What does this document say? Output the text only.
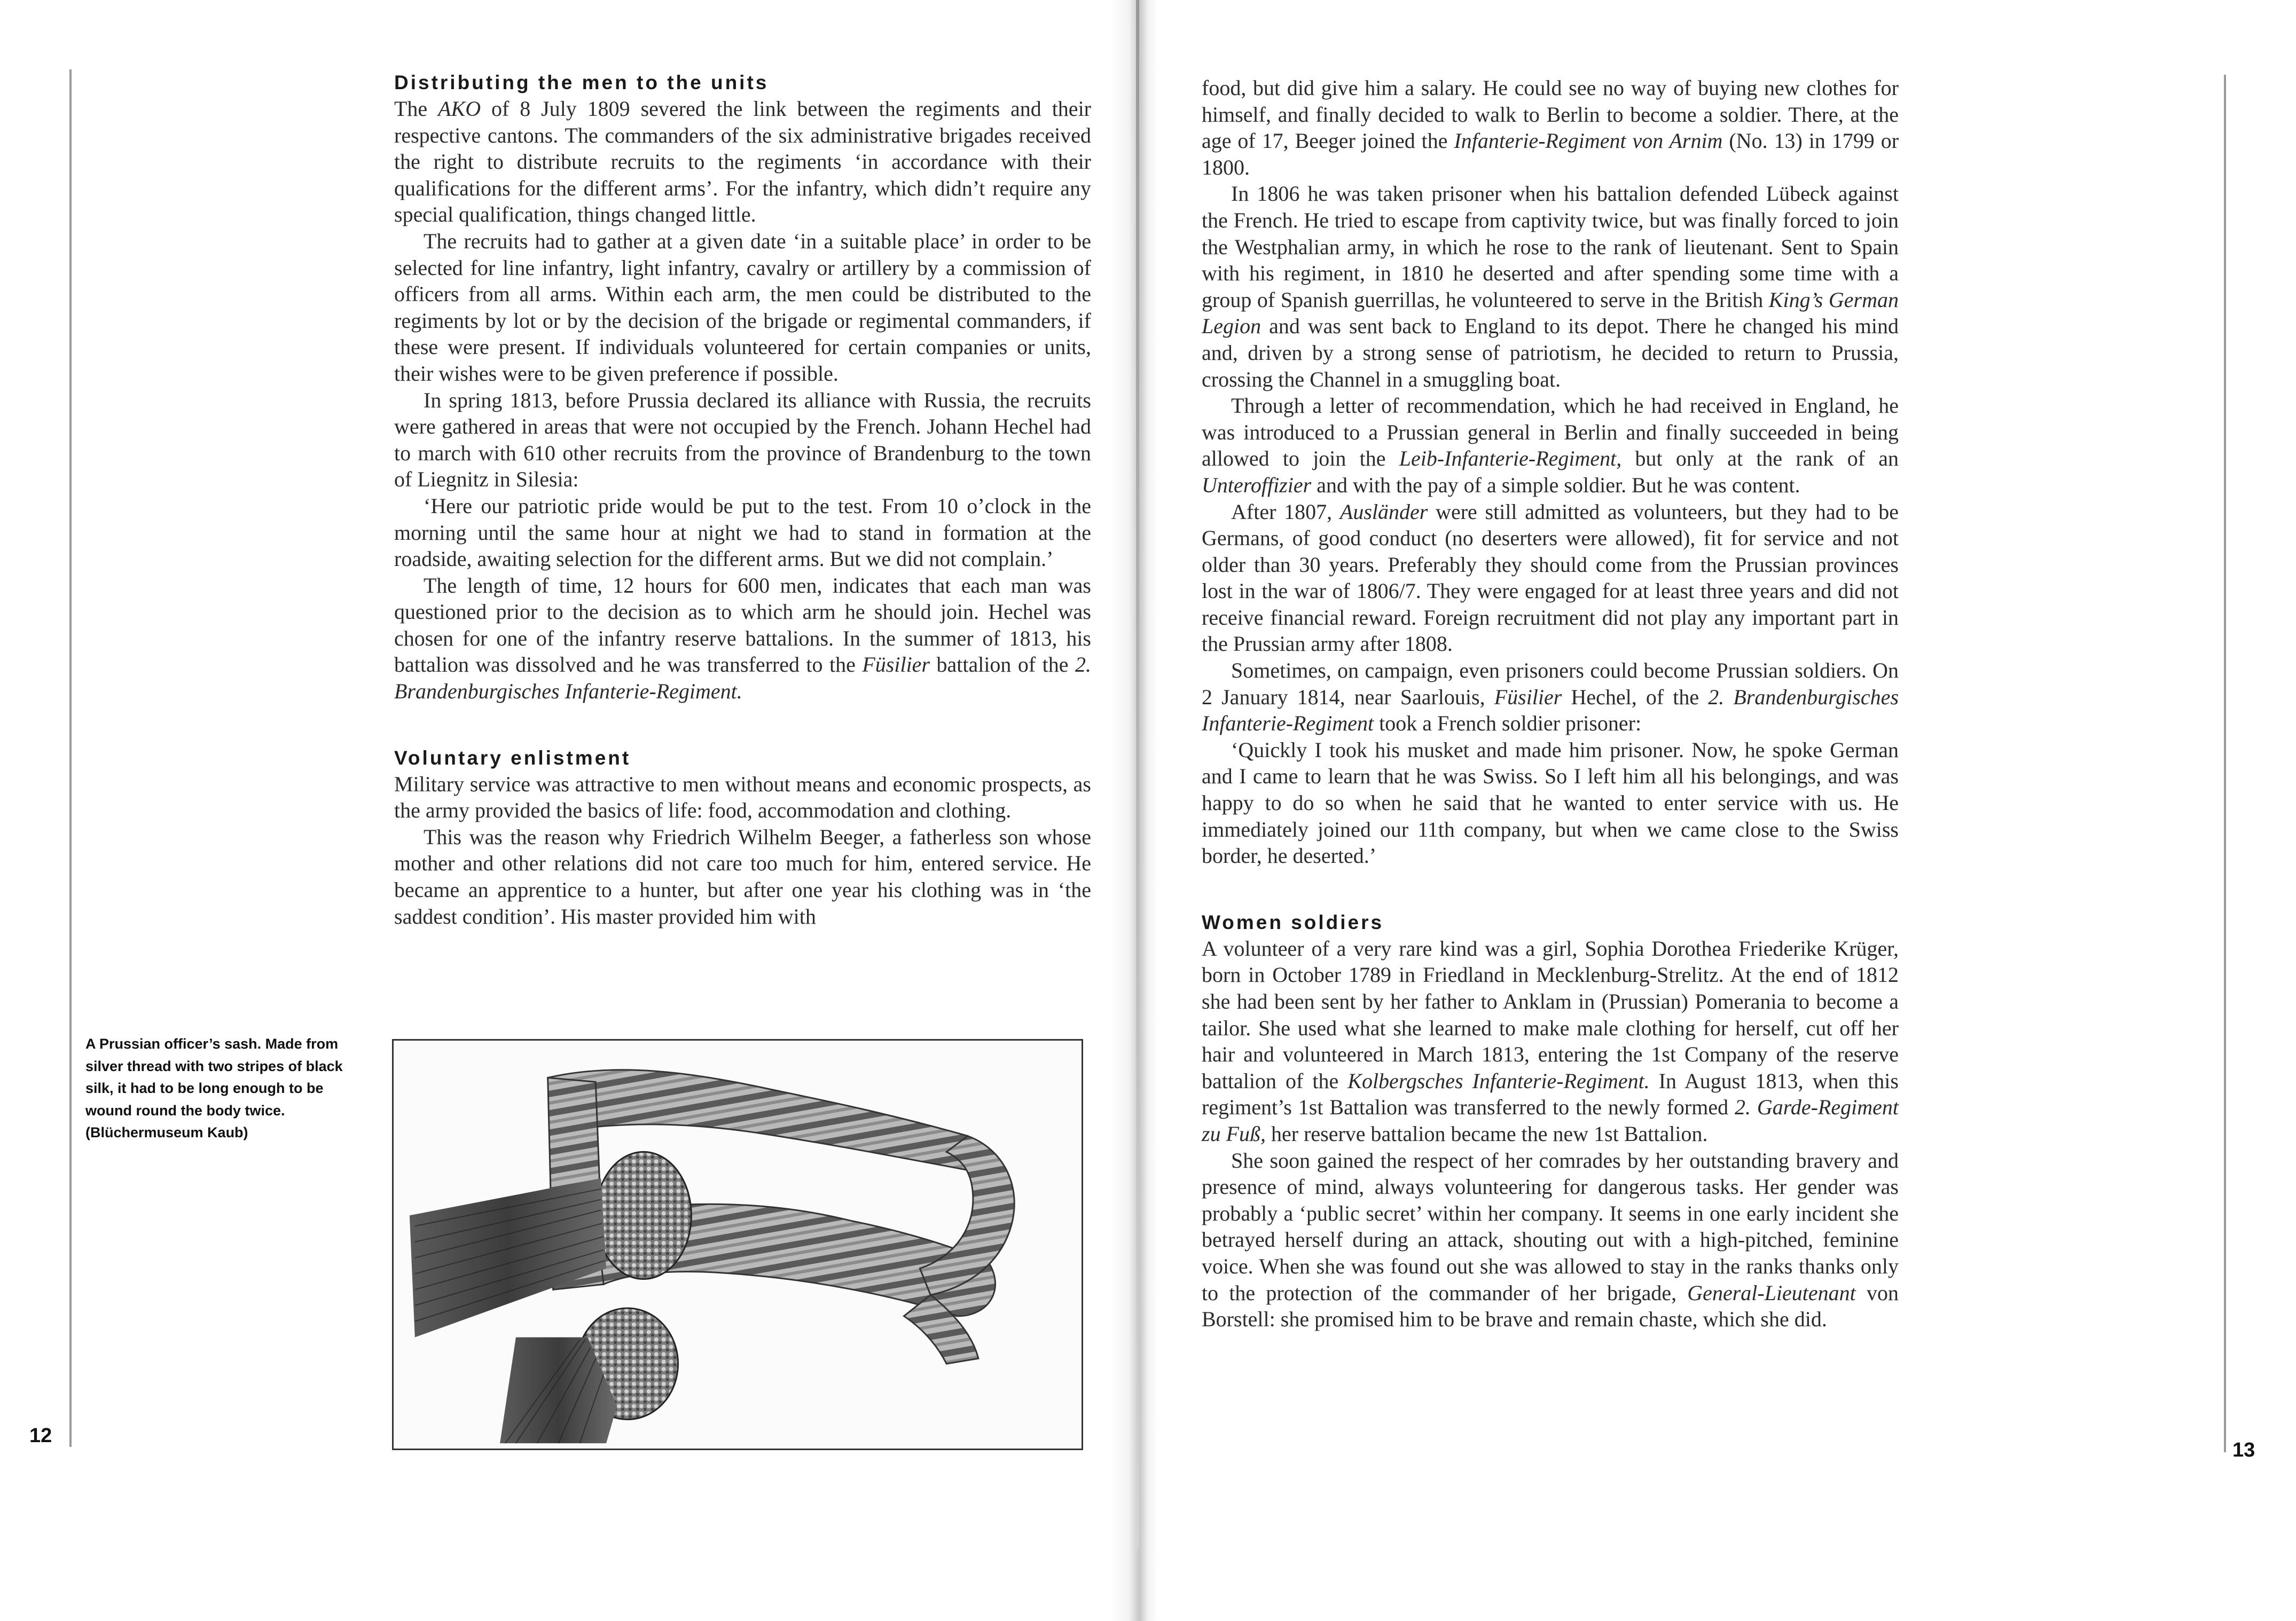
Distributing the men to the units

The AKO of 8 July 1809 severed the link between the regiments and their respective cantons. The commanders of the six administrative brigades received the right to distribute recruits to the regiments ‘in accordance with their qualifications for the different arms’. For the infantry, which didn’t require any special qualification, things changed little.

The recruits had to gather at a given date ‘in a suitable place’ in order to be selected for line infantry, light infantry, cavalry or artillery by a commission of officers from all arms. Within each arm, the men could be distributed to the regiments by lot or by the decision of the brigade or regimental commanders, if these were present. If individuals volunteered for certain companies or units, their wishes were to be given preference if possible.

In spring 1813, before Prussia declared its alliance with Russia, the recruits were gathered in areas that were not occupied by the French. Johann Hechel had to march with 610 other recruits from the province of Brandenburg to the town of Liegnitz in Silesia:

‘Here our patriotic pride would be put to the test. From 10 o’clock in the morning until the same hour at night we had to stand in formation at the roadside, awaiting selection for the different arms. But we did not complain.’

The length of time, 12 hours for 600 men, indicates that each man was questioned prior to the decision as to which arm he should join. Hechel was chosen for one of the infantry reserve battalions. In the summer of 1813, his battalion was dissolved and he was transferred to the Füsilier battalion of the 2. Brandenburgisches Infanterie-Regiment.

Voluntary enlistment

Military service was attractive to men without means and economic prospects, as the army provided the basics of life: food, accommodation and clothing.

This was the reason why Friedrich Wilhelm Beeger, a fatherless son whose mother and other relations did not care too much for him, entered service. He became an apprentice to a hunter, but after one year his clothing was in ‘the saddest condition’. His master provided him with

A Prussian officer’s sash. Made from silver thread with two stripes of black silk, it had to be long enough to be wound round the body twice. (Blüchermuseum Kaub)
12

food, but did give him a salary. He could see no way of buying new clothes for himself, and finally decided to walk to Berlin to become a soldier. There, at the age of 17, Beeger joined the Infanterie-Regiment von Arnim (No. 13) in 1799 or 1800.

In 1806 he was taken prisoner when his battalion defended Lübeck against the French. He tried to escape from captivity twice, but was finally forced to join the Westphalian army, in which he rose to the rank of lieutenant. Sent to Spain with his regiment, in 1810 he deserted and after spending some time with a group of Spanish guerrillas, he volunteered to serve in the British King’s German Legion and was sent back to England to its depot. There he changed his mind and, driven by a strong sense of patriotism, he decided to return to Prussia, crossing the Channel in a smuggling boat.

Through a letter of recommendation, which he had received in England, he was introduced to a Prussian general in Berlin and finally succeeded in being allowed to join the Leib-Infanterie-Regiment, but only at the rank of an Unteroffizier and with the pay of a simple soldier. But he was content.

After 1807, Ausländer were still admitted as volunteers, but they had to be Germans, of good conduct (no deserters were allowed), fit for service and not older than 30 years. Preferably they should come from the Prussian provinces lost in the war of 1806/7. They were engaged for at least three years and did not receive financial reward. Foreign recruitment did not play any important part in the Prussian army after 1808.

Sometimes, on campaign, even prisoners could become Prussian soldiers. On 2 January 1814, near Saarlouis, Füsilier Hechel, of the 2. Brandenburgisches Infanterie-Regiment took a French soldier prisoner:

‘Quickly I took his musket and made him prisoner. Now, he spoke German and I came to learn that he was Swiss. So I left him all his belongings, and was happy to do so when he said that he wanted to enter service with us. He immediately joined our 11th company, but when we came close to the Swiss border, he deserted.’

Women soldiers

A volunteer of a very rare kind was a girl, Sophia Dorothea Friederike Krüger, born in October 1789 in Friedland in Mecklenburg-Strelitz. At the end of 1812 she had been sent by her father to Anklam in (Prussian) Pomerania to become a tailor. She used what she learned to make male clothing for herself, cut off her hair and volunteered in March 1813, entering the 1st Company of the reserve battalion of the Kolbergsches Infanterie-Regiment. In August 1813, when this regiment’s 1st Battalion was transferred to the newly formed 2. Garde-Regiment zu Fuß, her reserve battalion became the new 1st Battalion.

She soon gained the respect of her comrades by her outstanding bravery and presence of mind, always volunteering for dangerous tasks. Her gender was probably a ‘public secret’ within her company. It seems in one early incident she betrayed herself during an attack, shouting out with a high-pitched, feminine voice. When she was found out she was allowed to stay in the ranks thanks only to the protection of the commander of her brigade, General-Lieutenant von Borstell: she promised him to be brave and remain chaste, which she did.

13
